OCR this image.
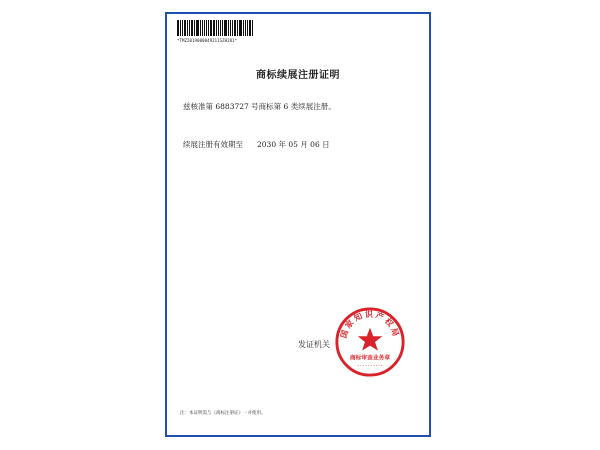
*TMZ2019000049211SZH201*
商标续展注册证明
兹核准第 6883727 号商标第 6 类续展注册。
续展注册有效期至 2030 年 05 月 06 日
发证机关
国家知识产权局
商标审查业务章
• • • • • • • • • •
注：本证明需与《商标注册证》一并使用。
